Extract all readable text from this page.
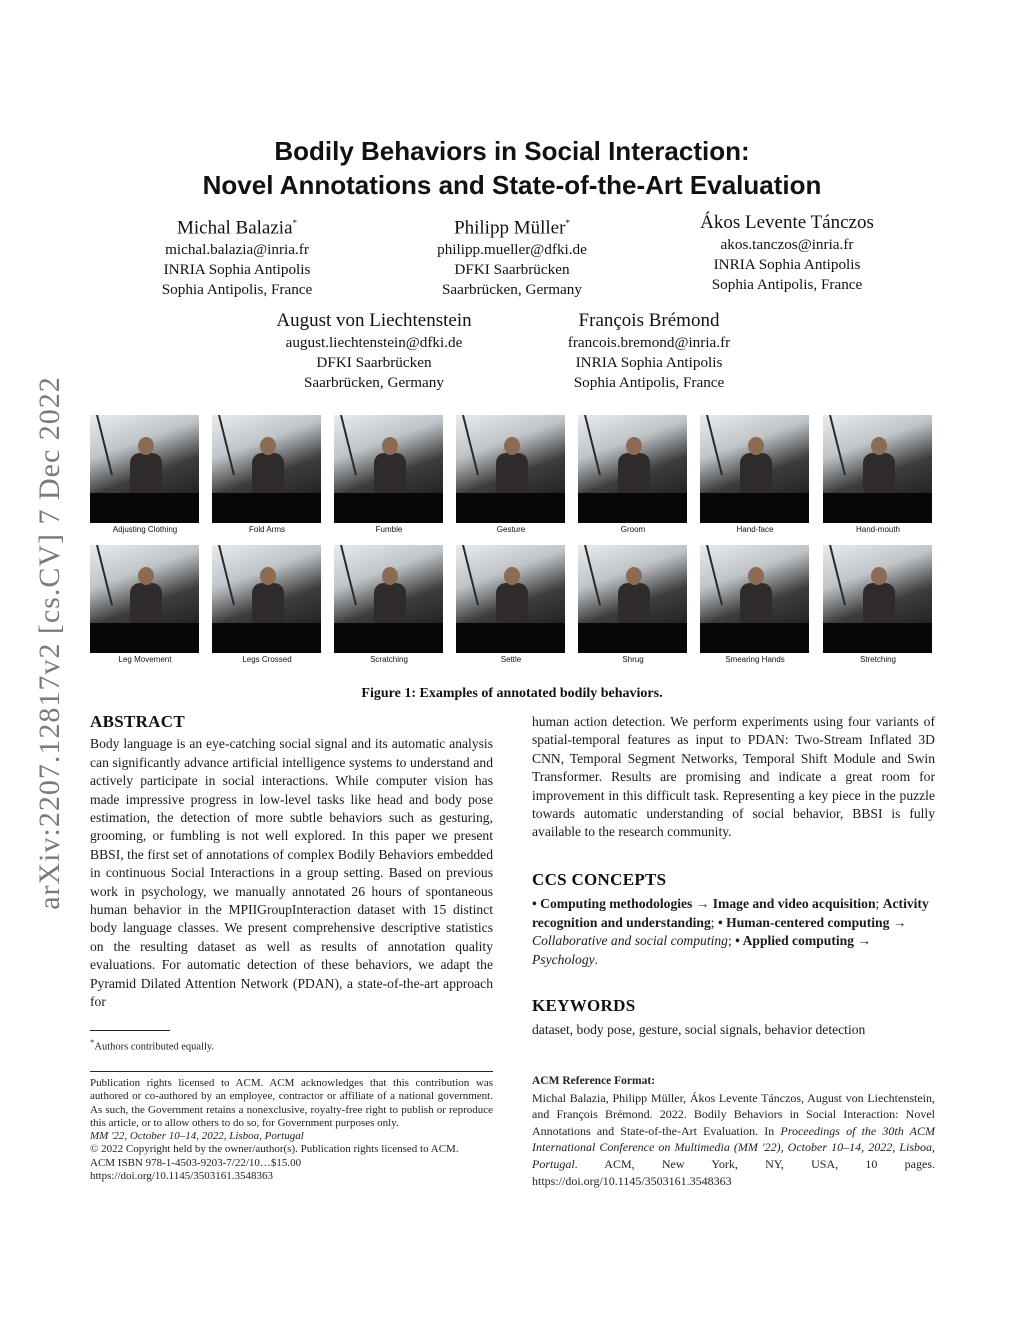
arXiv:2207.12817v2 [cs.CV] 7 Dec 2022
Bodily Behaviors in Social Interaction:
Novel Annotations and State-of-the-Art Evaluation
Michal Balazia*
michal.balazia@inria.fr
INRIA Sophia Antipolis
Sophia Antipolis, France
Philipp Müller*
philipp.mueller@dfki.de
DFKI Saarbrücken
Saarbrücken, Germany
Ákos Levente Tánczos
akos.tanczos@inria.fr
INRIA Sophia Antipolis
Sophia Antipolis, France
August von Liechtenstein
august.liechtenstein@dfki.de
DFKI Saarbrücken
Saarbrücken, Germany
François Brémond
francois.bremond@inria.fr
INRIA Sophia Antipolis
Sophia Antipolis, France
Adjusting Clothing	Fold Arms	Fumble	Gesture	Groom	Hand-face	Hand-mouth
Leg Movement	Legs Crossed	Scratching	Settle	Shrug	Smearing Hands	Stretching
Figure 1: Examples of annotated bodily behaviors.
ABSTRACT
Body language is an eye-catching social signal and its automatic analysis can significantly advance artificial intelligence systems to understand and actively participate in social interactions. While computer vision has made impressive progress in low-level tasks like head and body pose estimation, the detection of more subtle behaviors such as gesturing, grooming, or fumbling is not well explored. In this paper we present BBSI, the first set of annotations of complex Bodily Behaviors embedded in continuous Social Interactions in a group setting. Based on previous work in psychology, we manually annotated 26 hours of spontaneous human behavior in the MPIIGroupInteraction dataset with 15 distinct body language classes. We present comprehensive descriptive statistics on the resulting dataset as well as results of annotation quality evaluations. For automatic detection of these behaviors, we adapt the Pyramid Dilated Attention Network (PDAN), a state-of-the-art approach for
*Authors contributed equally.

Publication rights licensed to ACM. ACM acknowledges that this contribution was authored or co-authored by an employee, contractor or affiliate of a national government. As such, the Government retains a nonexclusive, royalty-free right to publish or reproduce this article, or to allow others to do so, for Government purposes only.

MM '22, October 10–14, 2022, Lisboa, Portugal

© 2022 Copyright held by the owner/author(s). Publication rights licensed to ACM.

ACM ISBN 978-1-4503-9203-7/22/10…$15.00

https://doi.org/10.1145/3503161.3548363

human action detection. We perform experiments using four variants of spatial-temporal features as input to PDAN: Two-Stream Inflated 3D CNN, Temporal Segment Networks, Temporal Shift Module and Swin Transformer. Results are promising and indicate a great room for improvement in this difficult task. Representing a key piece in the puzzle towards automatic understanding of social behavior, BBSI is fully available to the research community.
CCS CONCEPTS
• Computing methodologies → Image and video acquisition; Activity recognition and understanding; • Human-centered computing → Collaborative and social computing; • Applied computing → Psychology.
KEYWORDS
dataset, body pose, gesture, social signals, behavior detection

ACM Reference Format:

Michal Balazia, Philipp Müller, Ákos Levente Tánczos, August von Liechtenstein, and François Brémond. 2022. Bodily Behaviors in Social Interaction: Novel Annotations and State-of-the-Art Evaluation. In Proceedings of the 30th ACM International Conference on Multimedia (MM '22), October 10–14, 2022, Lisboa, Portugal. ACM, New York, NY, USA, 10 pages. https://doi.org/10.1145/3503161.3548363
